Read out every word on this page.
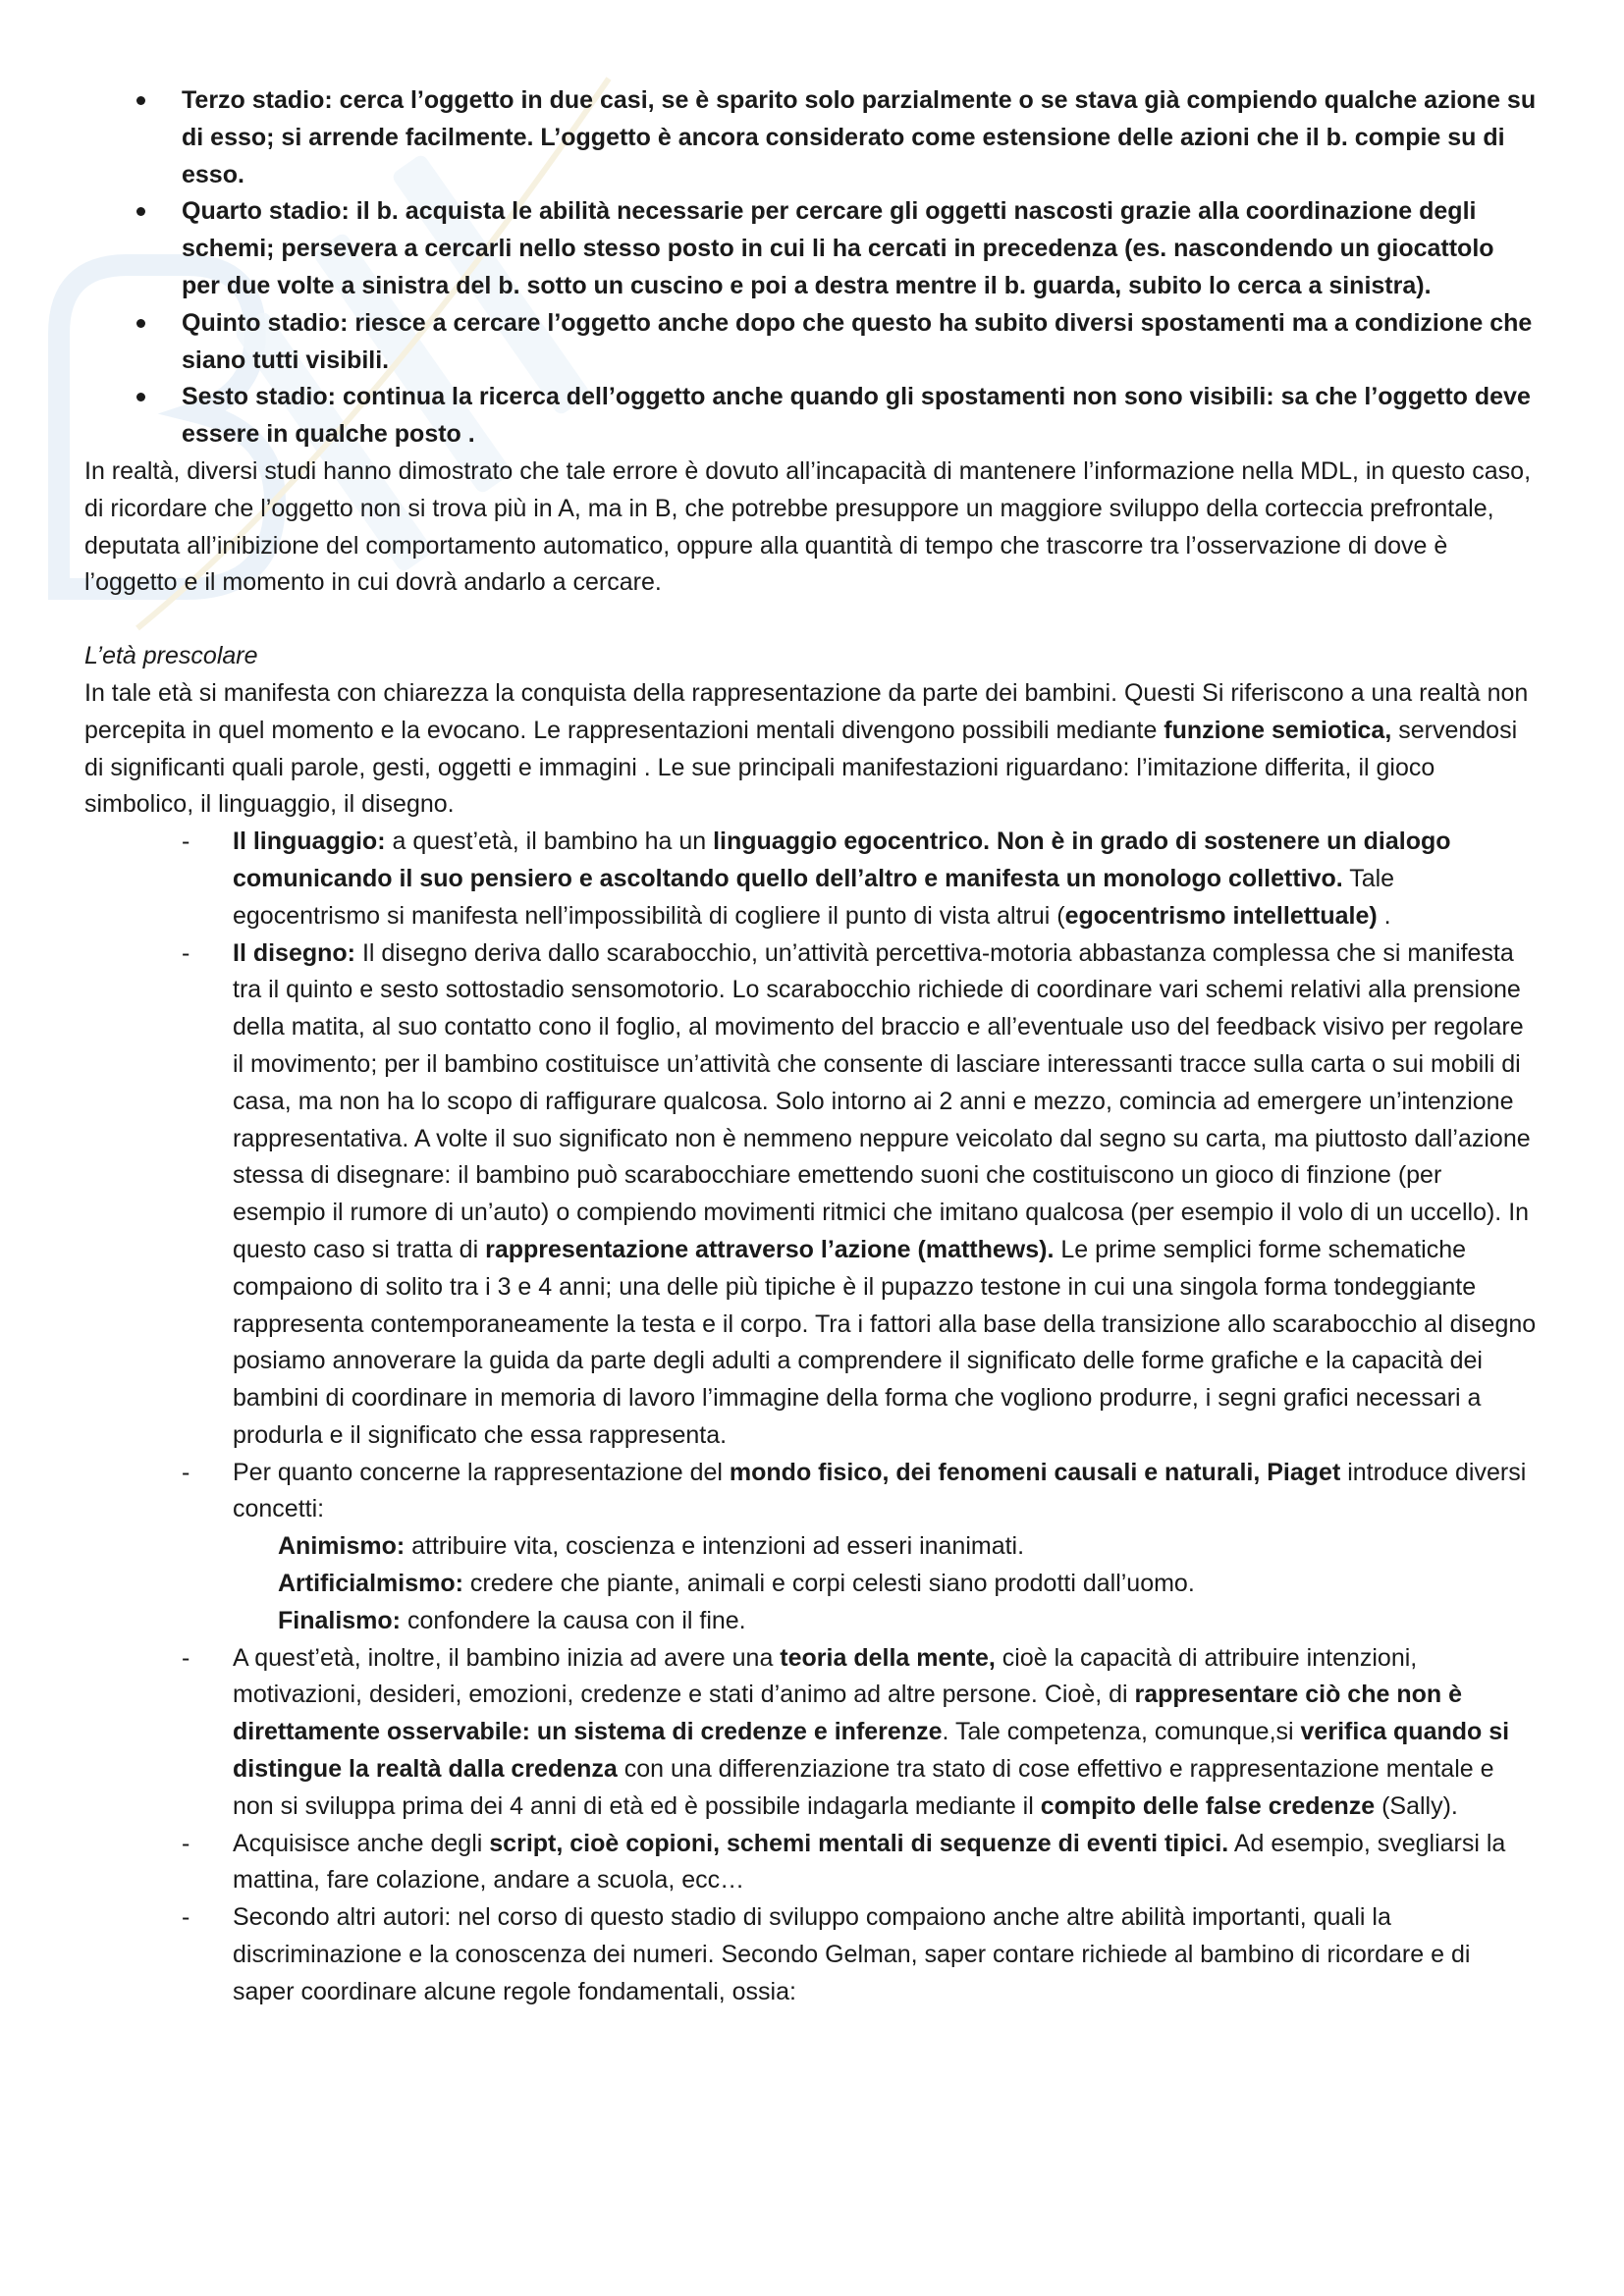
Terzo stadio: cerca l’oggetto in due casi, se è sparito solo parzialmente o se stava già compiendo qualche azione su di esso; si arrende facilmente. L’oggetto è ancora considerato come estensione delle azioni che il b. compie su di esso.
Quarto stadio: il b. acquista le abilità necessarie per cercare gli oggetti nascosti grazie alla coordinazione degli schemi; persevera a cercarli nello stesso posto in cui li ha cercati in precedenza (es. nascondendo un giocattolo per due volte a sinistra del b. sotto un cuscino e poi a destra mentre il b. guarda, subito lo cerca a sinistra).
Quinto stadio: riesce a cercare l’oggetto anche dopo che questo ha subito diversi spostamenti ma a condizione che siano tutti visibili.
Sesto stadio: continua la ricerca dell’oggetto anche quando gli spostamenti non sono visibili: sa che l’oggetto deve essere in qualche posto .

In realtà, diversi studi hanno dimostrato che tale errore è dovuto all’incapacità di mantenere l’informazione nella MDL, in questo caso, di ricordare che l’oggetto non si trova più in A, ma in B, che potrebbe presuppore un maggiore sviluppo della corteccia prefrontale, deputata all’inibizione del comportamento automatico, oppure alla quantità di tempo che trascorre tra l’osservazione di dove è l’oggetto e il momento in cui dovrà andarlo a cercare.

L’età prescolare

In tale età si manifesta con chiarezza la conquista della rappresentazione da parte dei bambini. Questi Si riferiscono a una realtà non percepita in quel momento e la evocano. Le rappresentazioni mentali divengono possibili mediante funzione semiotica, servendosi di significanti quali parole, gesti, oggetti e immagini . Le sue principali manifestazioni riguardano: l’imitazione differita, il gioco simbolico, il linguaggio, il disegno.

- Il linguaggio: a quest’età, il bambino ha un linguaggio egocentrico. Non è in grado di sostenere un dialogo comunicando il suo pensiero e ascoltando quello dell’altro e manifesta un monologo collettivo. Tale egocentrismo si manifesta nell’impossibilità di cogliere il punto di vista altrui (egocentrismo intellettuale) .
- Il disegno: Il disegno deriva dallo scarabocchio, un’attività percettiva-motoria abbastanza complessa che si manifesta tra il quinto e sesto sottostadio sensomotorio. Lo scarabocchio richiede di coordinare vari schemi relativi alla prensione della matita, al suo contatto cono il foglio, al movimento del braccio e all’eventuale uso del feedback visivo per regolare il movimento; per il bambino costituisce un’attività che consente di lasciare interessanti tracce sulla carta o sui mobili di casa, ma non ha lo scopo di raffigurare qualcosa. Solo intorno ai 2 anni e mezzo, comincia ad emergere un’intenzione rappresentativa. A volte il suo significato non è nemmeno neppure veicolato dal segno su carta, ma piuttosto dall’azione stessa di disegnare: il bambino può scarabocchiare emettendo suoni che costituiscono un gioco di finzione (per esempio il rumore di un’auto) o compiendo movimenti ritmici che imitano qualcosa (per esempio il volo di un uccello). In questo caso si tratta di rappresentazione attraverso l’azione (matthews). Le prime semplici forme schematiche compaiono di solito tra i 3 e 4 anni; una delle più tipiche è il pupazzo testone in cui una singola forma tondeggiante rappresenta contemporaneamente la testa e il corpo. Tra i fattori alla base della transizione allo scarabocchio al disegno posiamo annoverare la guida da parte degli adulti a comprendere il significato delle forme grafiche e la capacità dei bambini di coordinare in memoria di lavoro l’immagine della forma che vogliono produrre, i segni grafici necessari a produrla e il significato che essa rappresenta.
- Per quanto concerne la rappresentazione del mondo fisico, dei fenomeni causali e naturali, Piaget introduce diversi concetti:
Animismo: attribuire vita, coscienza e intenzioni ad esseri inanimati.
Artificialmismo: credere che piante, animali e corpi celesti siano prodotti dall’uomo.
Finalismo: confondere la causa con il fine.
- A quest’età, inoltre, il bambino inizia ad avere una teoria della mente, cioè la capacità di attribuire intenzioni, motivazioni, desideri, emozioni, credenze e stati d’animo ad altre persone. Cioè, di rappresentare ciò che non è direttamente osservabile: un sistema di credenze e inferenze. Tale competenza, comunque,si verifica quando si distingue la realtà dalla credenza con una differenziazione tra stato di cose effettivo e rappresentazione mentale e non si sviluppa prima dei 4 anni di età ed è possibile indagarla mediante il compito delle false credenze (Sally).
- Acquisisce anche degli script, cioè copioni, schemi mentali di sequenze di eventi tipici. Ad esempio, svegliarsi la mattina, fare colazione, andare a scuola, ecc…
- Secondo altri autori: nel corso di questo stadio di sviluppo compaiono anche altre abilità importanti, quali la discriminazione e la conoscenza dei numeri. Secondo Gelman, saper contare richiede al bambino di ricordare e di saper coordinare alcune regole fondamentali, ossia:
